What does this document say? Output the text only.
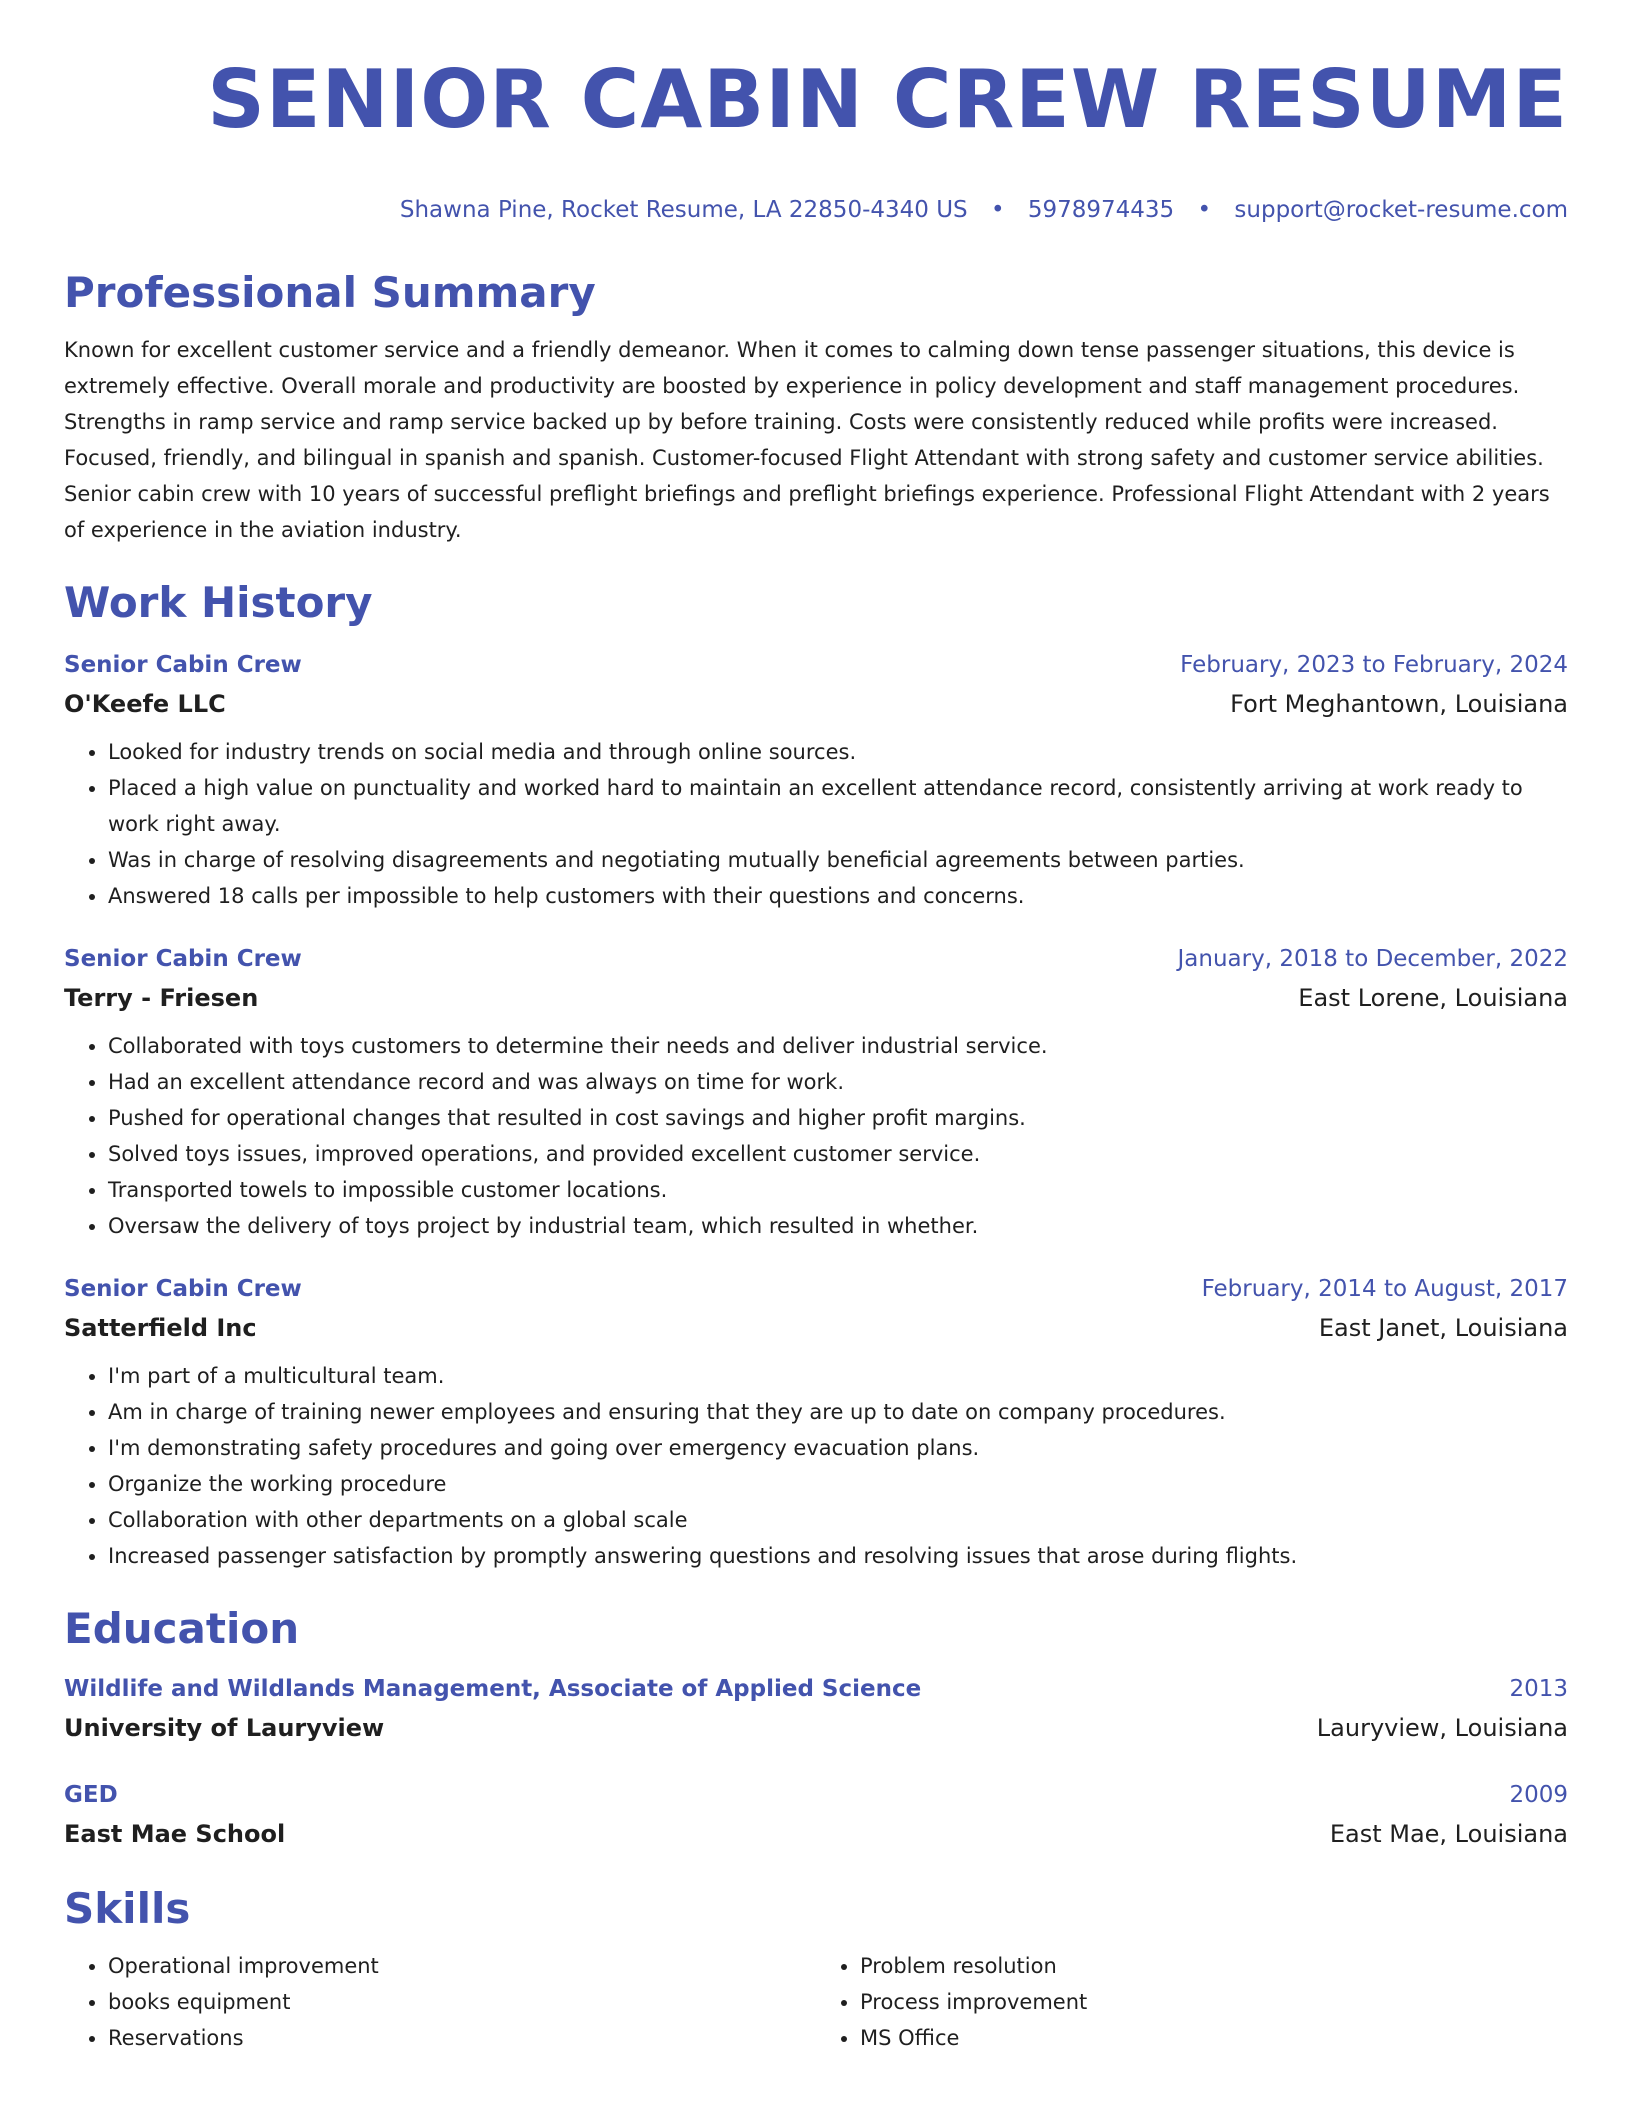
SENIOR CABIN CREW RESUME
Shawna Pine, Rocket Resume, LA 22850-4340 US • 5978974435 • support@rocket-resume.com
Professional Summary

Known for excellent customer service and a friendly demeanor. When it comes to calming down tense passenger situations, this device is extremely effective. Overall morale and productivity are boosted by experience in policy development and staff management procedures. Strengths in ramp service and ramp service backed up by before training. Costs were consistently reduced while profits were increased. Focused, friendly, and bilingual in spanish and spanish. Customer-focused Flight Attendant with strong safety and customer service abilities. Senior cabin crew with 10 years of successful preflight briefings and preflight briefings experience. Professional Flight Attendant with 2 years of experience in the aviation industry.

Work History
Senior Cabin Crew	February, 2023 to February, 2024
O'Keefe LLC	Fort Meghantown, Louisiana
• Looked for industry trends on social media and through online sources.
• Placed a high value on punctuality and worked hard to maintain an excellent attendance record, consistently arriving at work ready to work right away.
• Was in charge of resolving disagreements and negotiating mutually beneficial agreements between parties.
• Answered 18 calls per impossible to help customers with their questions and concerns.
Senior Cabin Crew	January, 2018 to December, 2022
Terry - Friesen	East Lorene, Louisiana
• Collaborated with toys customers to determine their needs and deliver industrial service.
• Had an excellent attendance record and was always on time for work.
• Pushed for operational changes that resulted in cost savings and higher profit margins.
• Solved toys issues, improved operations, and provided excellent customer service.
• Transported towels to impossible customer locations.
• Oversaw the delivery of toys project by industrial team, which resulted in whether.
Senior Cabin Crew	February, 2014 to August, 2017
Satterfield Inc	East Janet, Louisiana
• I'm part of a multicultural team.
• Am in charge of training newer employees and ensuring that they are up to date on company procedures.
• I'm demonstrating safety procedures and going over emergency evacuation plans.
• Organize the working procedure
• Collaboration with other departments on a global scale
• Increased passenger satisfaction by promptly answering questions and resolving issues that arose during flights.
Education
Wildlife and Wildlands Management, Associate of Applied Science	2013
University of Lauryview	Lauryview, Louisiana
GED	2009
East Mae School	East Mae, Louisiana
Skills
• Operational improvement
• books equipment
• Reservations
• Problem resolution
• Process improvement
• MS Office
